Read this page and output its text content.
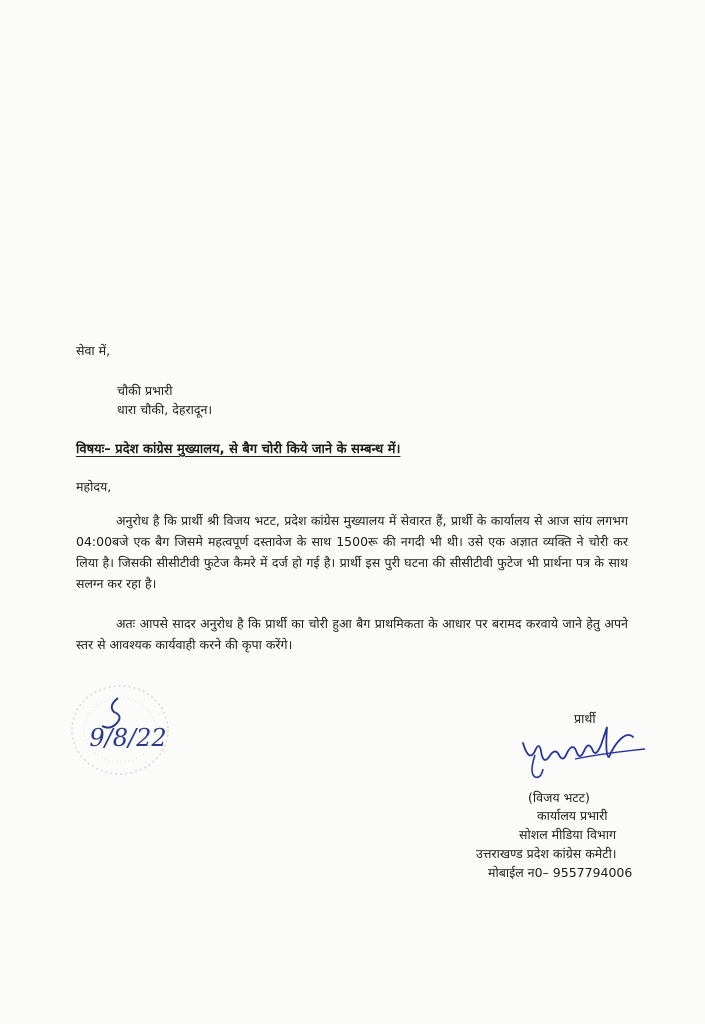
सेवा में,
चौकी प्रभारी
धारा चौकी, देहरादून।
विषयः– प्रदेश कांग्रेस मुख्यालय, से बैग चोरी किये जाने के सम्बन्ध में।
महोदय,
अनुरोध है कि प्रार्थी श्री विजय भटट, प्रदेश कांग्रेस मुख्यालय में सेवारत हैं, प्रार्थी के कार्यालय से आज सांय लगभग 04:00बजे एक बैग जिसमे महत्वपूर्ण दस्तावेज के साथ 1500रू की नगदी भी थी। उसे एक अज्ञात व्यक्ति ने चोरी कर लिया है। जिसकी सीसीटीवी फुटेज कैमरे में दर्ज हो गई है। प्रार्थी इस पुरी घटना की सीसीटीवी फुटेज भी प्रार्थना पत्र के साथ सलग्न कर रहा है।
अतः आपसे सादर अनुरोध है कि प्रार्थी का चोरी हुआ बैग प्राथमिकता के आधार पर बरामद करवाये जाने हेतु अपने स्तर से आवश्यक कार्यवाही करने की कृपा करेंगे।
9/8/22
प्रार्थी
(विजय भटट)
कार्यालय प्रभारी
सोशल मीडिया विभाग
उत्तराखण्ड प्रदेश कांग्रेस कमेटी।
मोबाईल न0– 9557794006
